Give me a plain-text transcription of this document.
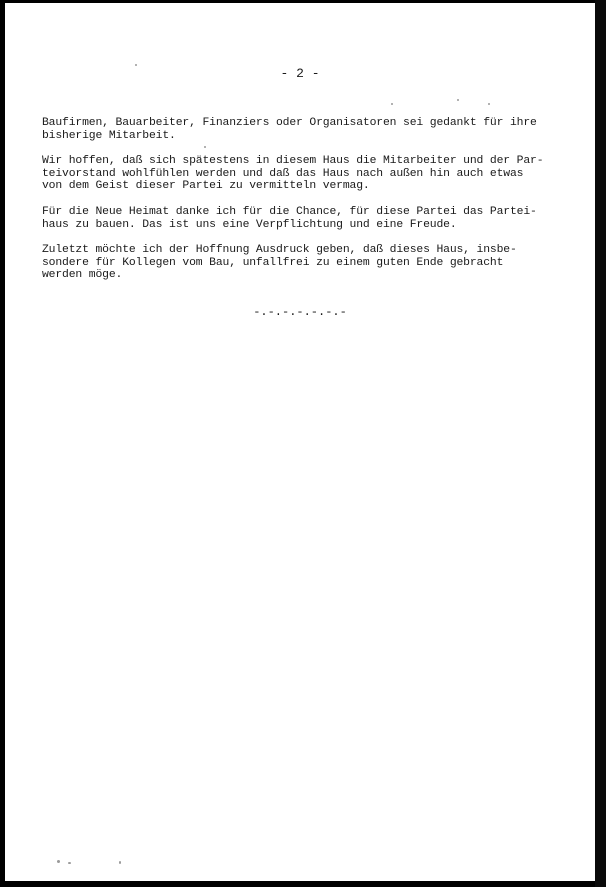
- 2 -

Baufirmen, Bauarbeiter, Finanziers oder Organisatoren sei gedankt für ihre
bisherige Mitarbeit.

Wir hoffen, daß sich spätestens in diesem Haus die Mitarbeiter und der Par-
teivorstand wohlfühlen werden und daß das Haus nach außen hin auch etwas
von dem Geist dieser Partei zu vermitteln vermag.

Für die Neue Heimat danke ich für die Chance, für diese Partei das Partei-
haus zu bauen. Das ist uns eine Verpflichtung und eine Freude.

Zuletzt möchte ich der Hoffnung Ausdruck geben, daß dieses Haus, insbe-
sondere für Kollegen vom Bau, unfallfrei zu einem guten Ende gebracht
werden möge.

-.-.-.-.-.-.-
